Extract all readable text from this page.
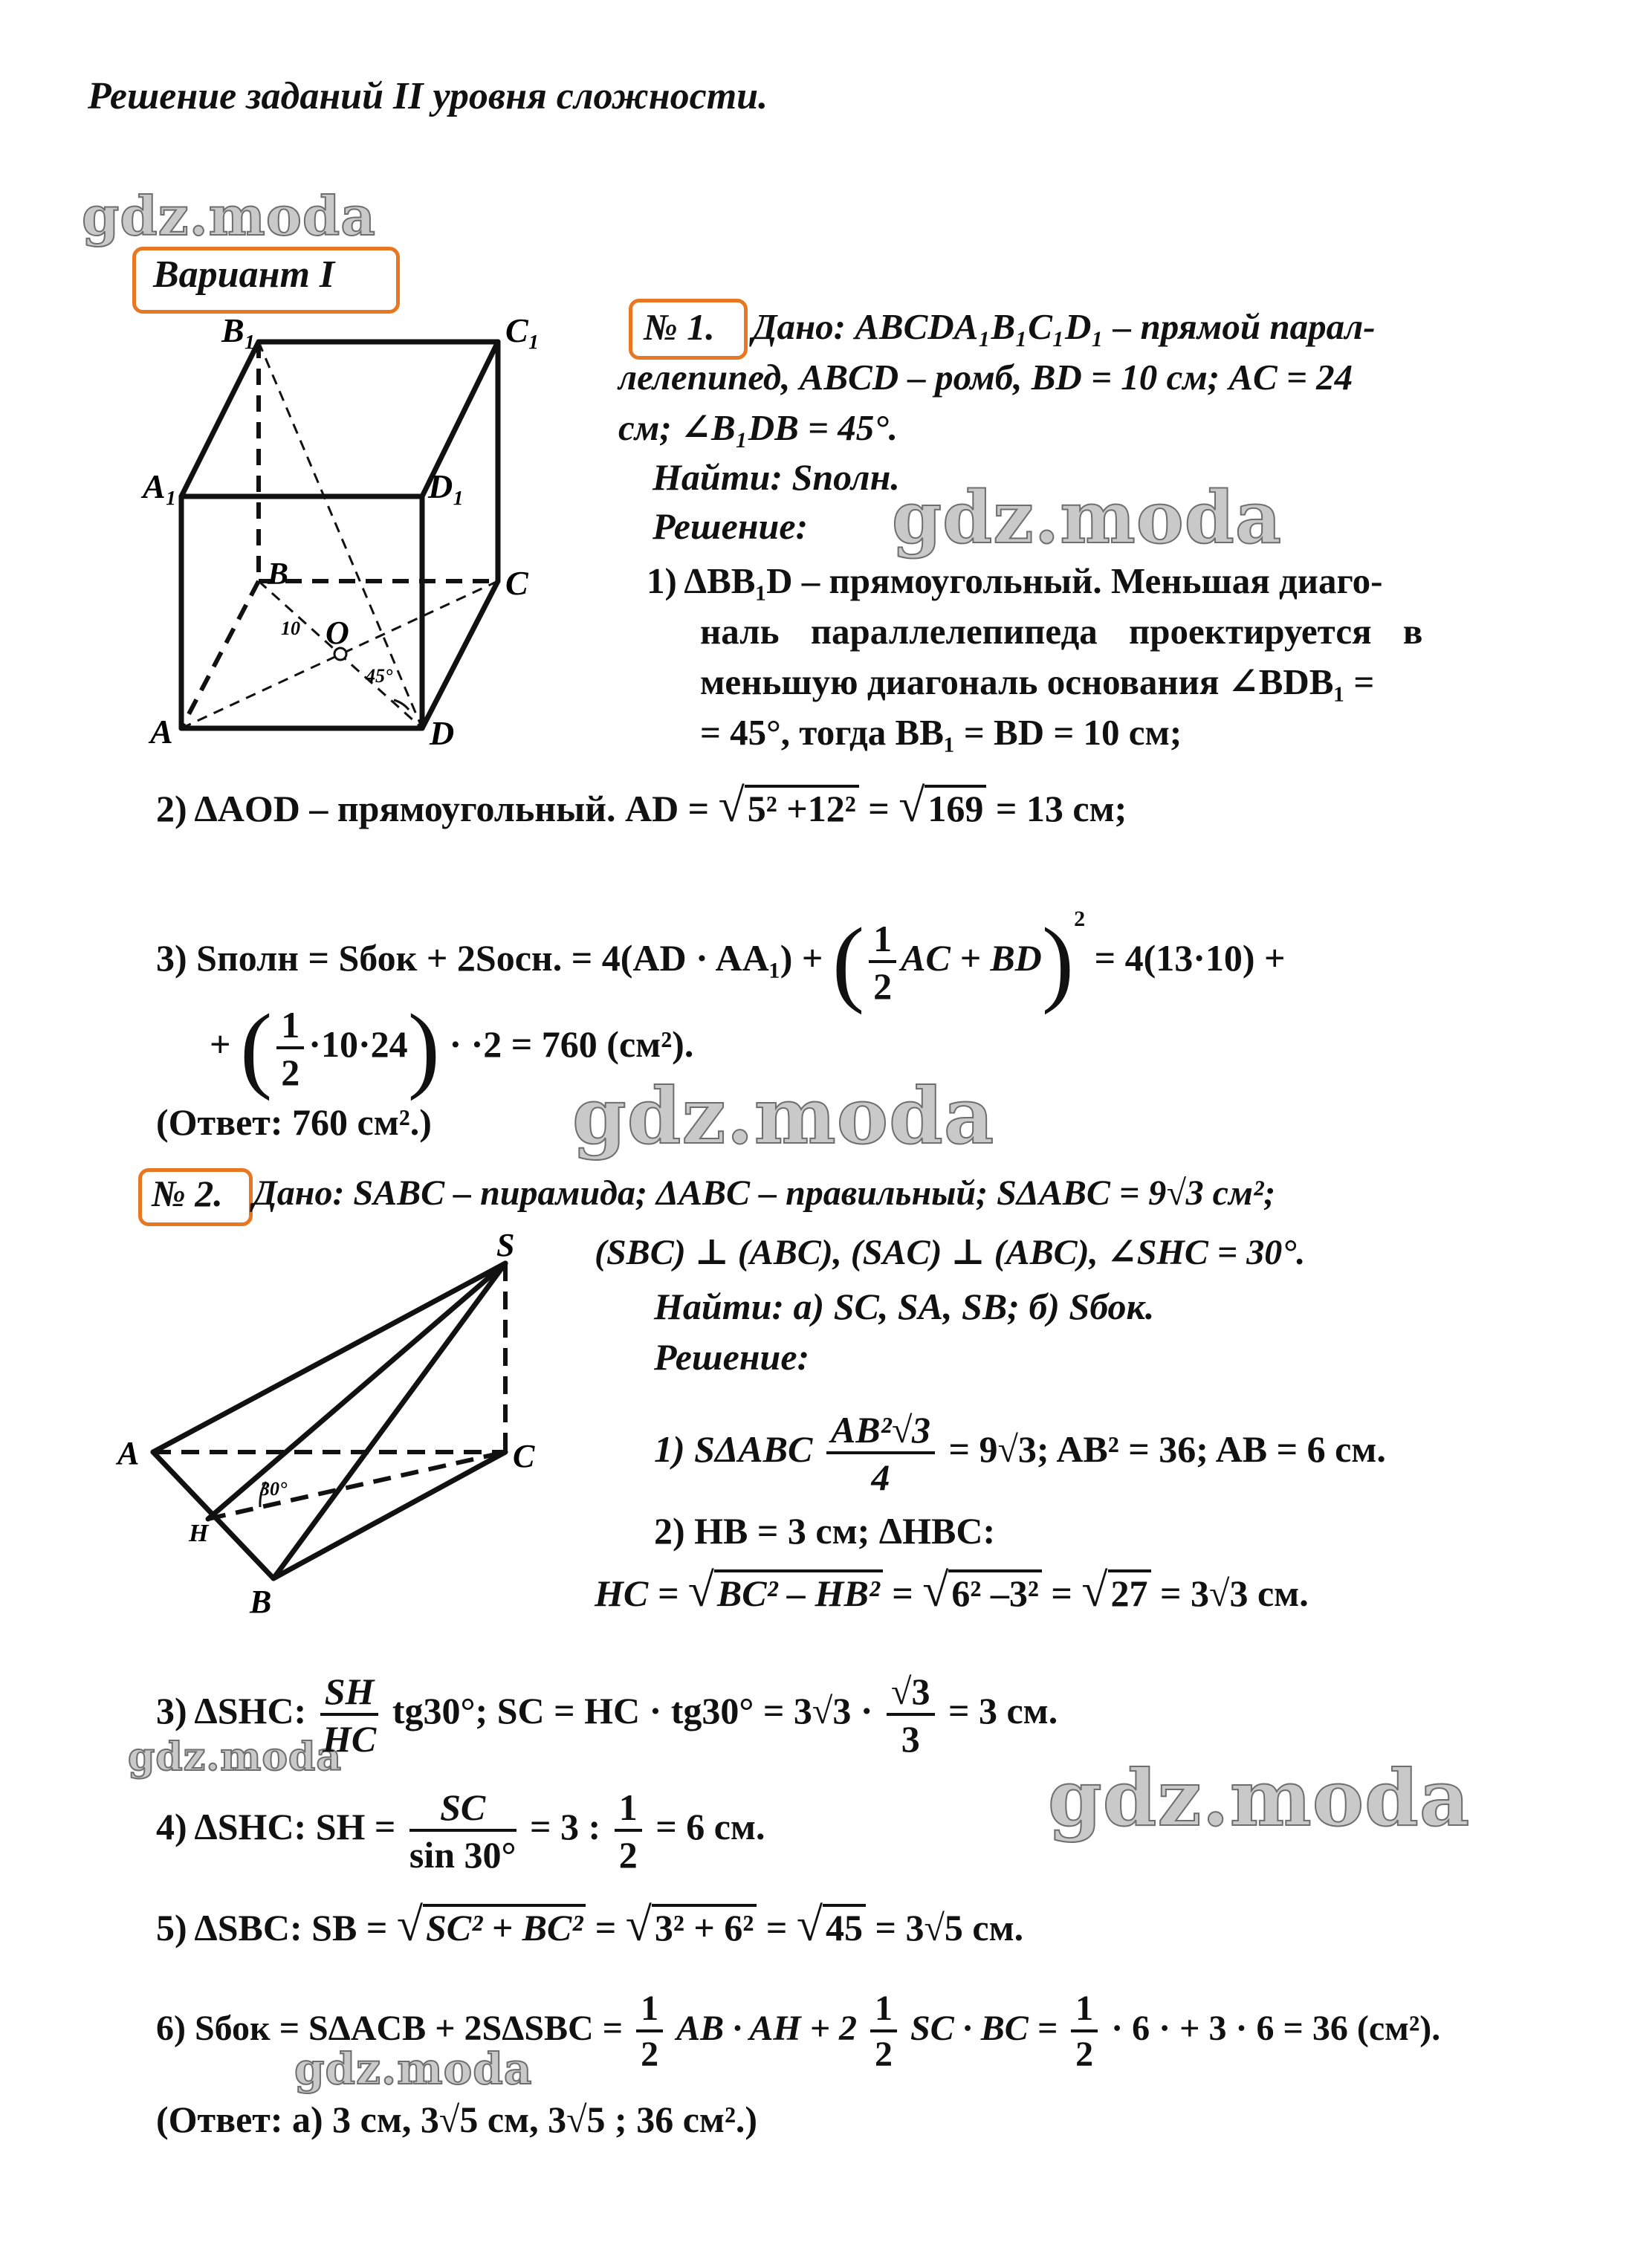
Решение заданий II уровня сложности.
gdz.moda
gdz.moda
gdz.moda
gdz.moda	gdz.moda
gdz.moda
Вариант I
B₁	C₁
A₁	D₁
B	C
A	D
O
10
45°
№ 1. Дано: ABCDA₁B₁C₁D₁ – прямой парал-
лелепипед, ABCD – ромб, BD = 10 см; AC = 24
см; ∠B₁DB = 45°.
Найти: Sполн.
Решение:
1) ΔBB₁D – прямоугольный. Меньшая диаго-
наль параллелепипеда проектируется в
меньшую диагональ основания ∠BDB₁ =
= 45°, тогда BB₁ = BD = 10 см;
2) ΔAOD – прямоугольный. AD = √5² +12² = √169 = 13 см;
3) Sполн = Sбок + 2Sосн. = 4(AD · AA₁) + ( $\frac{1}{2}$ AC + BD)$^2$ = 4(13·10) +
+ ( $\frac{1}{2} \cdot 10\cdot 24) \cdot \cdot 2 = 760$ (см²).
(Ответ: 760 см².)
№ 2. Дано: SABC – пирамида; ΔABC – правильный; SΔABC = 9√3 см²;
(SBC) ⊥ (ABC), (SAC) ⊥ (ABC), ∠SHC = 30°.
Найти: а) SC, SA, SB; б) Sбок.
Решение:
S
A	C
H
B
30°
1) SΔABC $\frac{\text{AB²√3}}{4} = 9√3$; AB² = 36; AB = 6 см.
2) HB = 3 см; ΔHBC:
HC = √BC² – HB² = √6² –3² = √27 = 3√3 см.
3) ΔSHC: $\frac{SH}{HC} tg30^\circ$; SC = HC · $tg30^\circ = 3√3 \cdot \frac{√3}{3} = 3$ см.
4) ΔSHC: SH = $\frac{SC}{\sin 30^\circ} = 3$ : $\frac{1}{2} = 6$ см.
5) ΔSBC: SB = √SC² + BC² = √3² + 6² = √45 = 3√5 см.
6) Sбок = $S\Delta ACB + 2S\Delta SBC = \frac{1}{2}$ AB · AH + $2 \frac{1}{2}$ SC · BC = $\frac{1}{2} \cdot 6$ · + 3 · 6 = 36 (см²).
(Ответ: а) 3 см, 3√5 см, 3√5 ; 36 см².)
